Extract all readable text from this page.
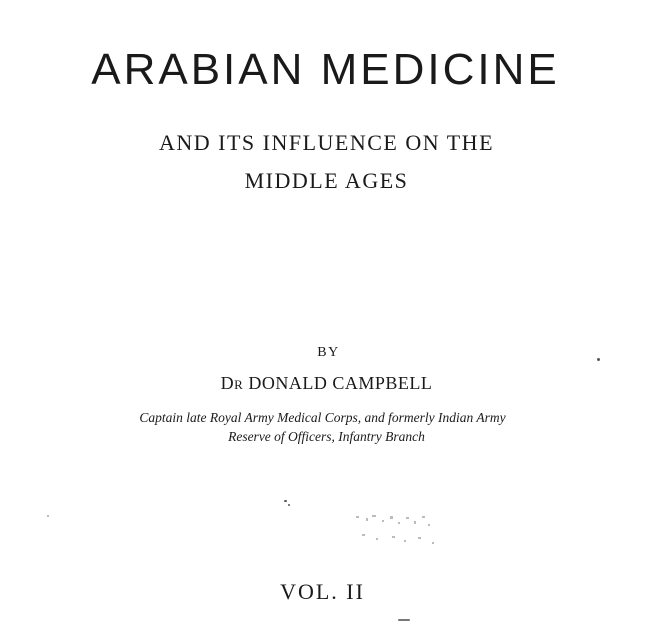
ARABIAN MEDICINE
AND ITS INFLUENCE ON THE
MIDDLE AGES
BY
DR DONALD CAMPBELL
Captain late Royal Army Medical Corps, and formerly Indian Army
Reserve of Officers, Infantry Branch
VOL. II
